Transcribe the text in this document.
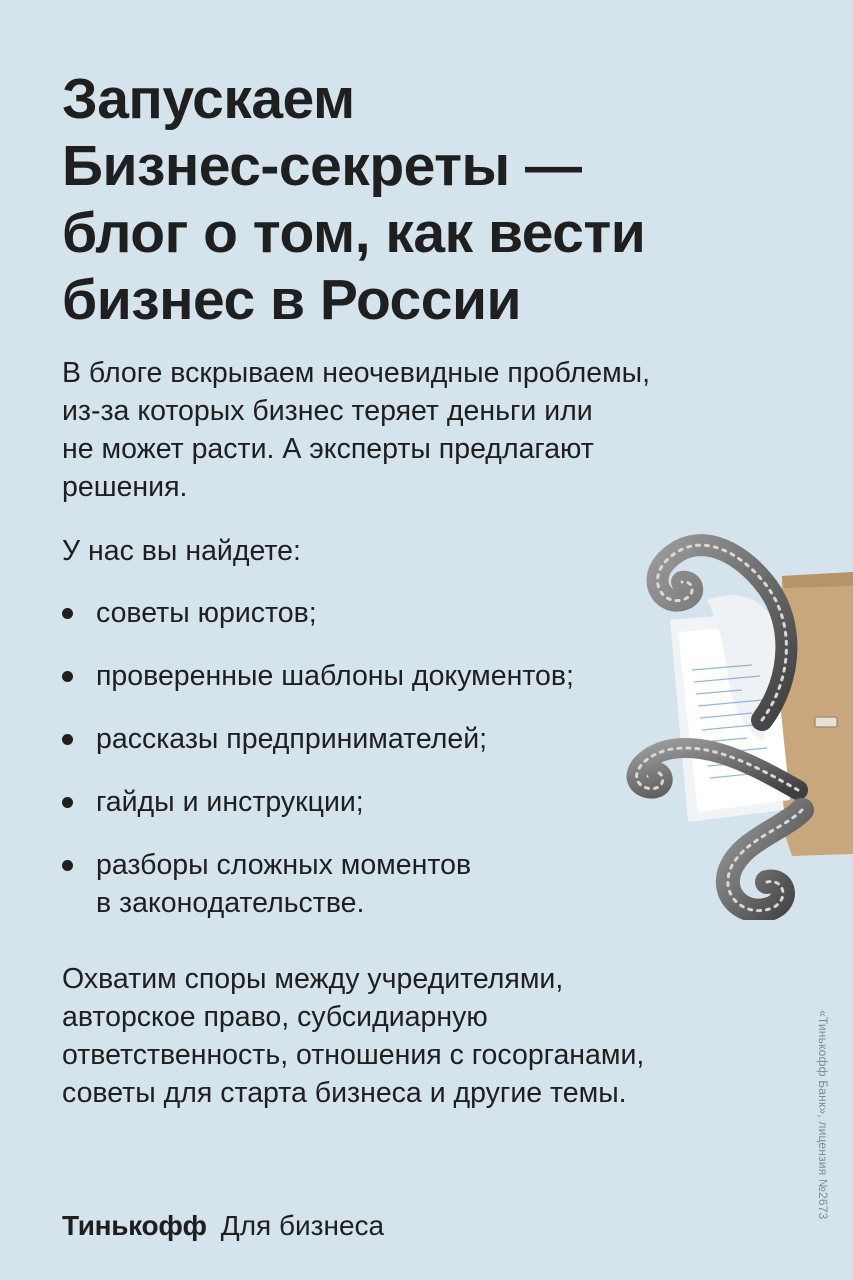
Запускаем
Бизнес-секреты —
блог о том, как вести
бизнес в России

В блоге вскрываем неочевидные проблемы,
из-за которых бизнес теряет деньги или
не может расти. А эксперты предлагают
решения.

У нас вы найдете:

советы юристов;
проверенные шаблоны документов;
рассказы предпринимателей;
гайды и инструкции;
разборы сложных моментов
в законодательстве.

Охватим споры между учредителями,
авторское право, субсидиарную
ответственность, отношения с госорганами,
советы для старта бизнеса и другие темы.	«Тинькофф Банк», лицензия №2673
Тинькофф Для бизнеса
